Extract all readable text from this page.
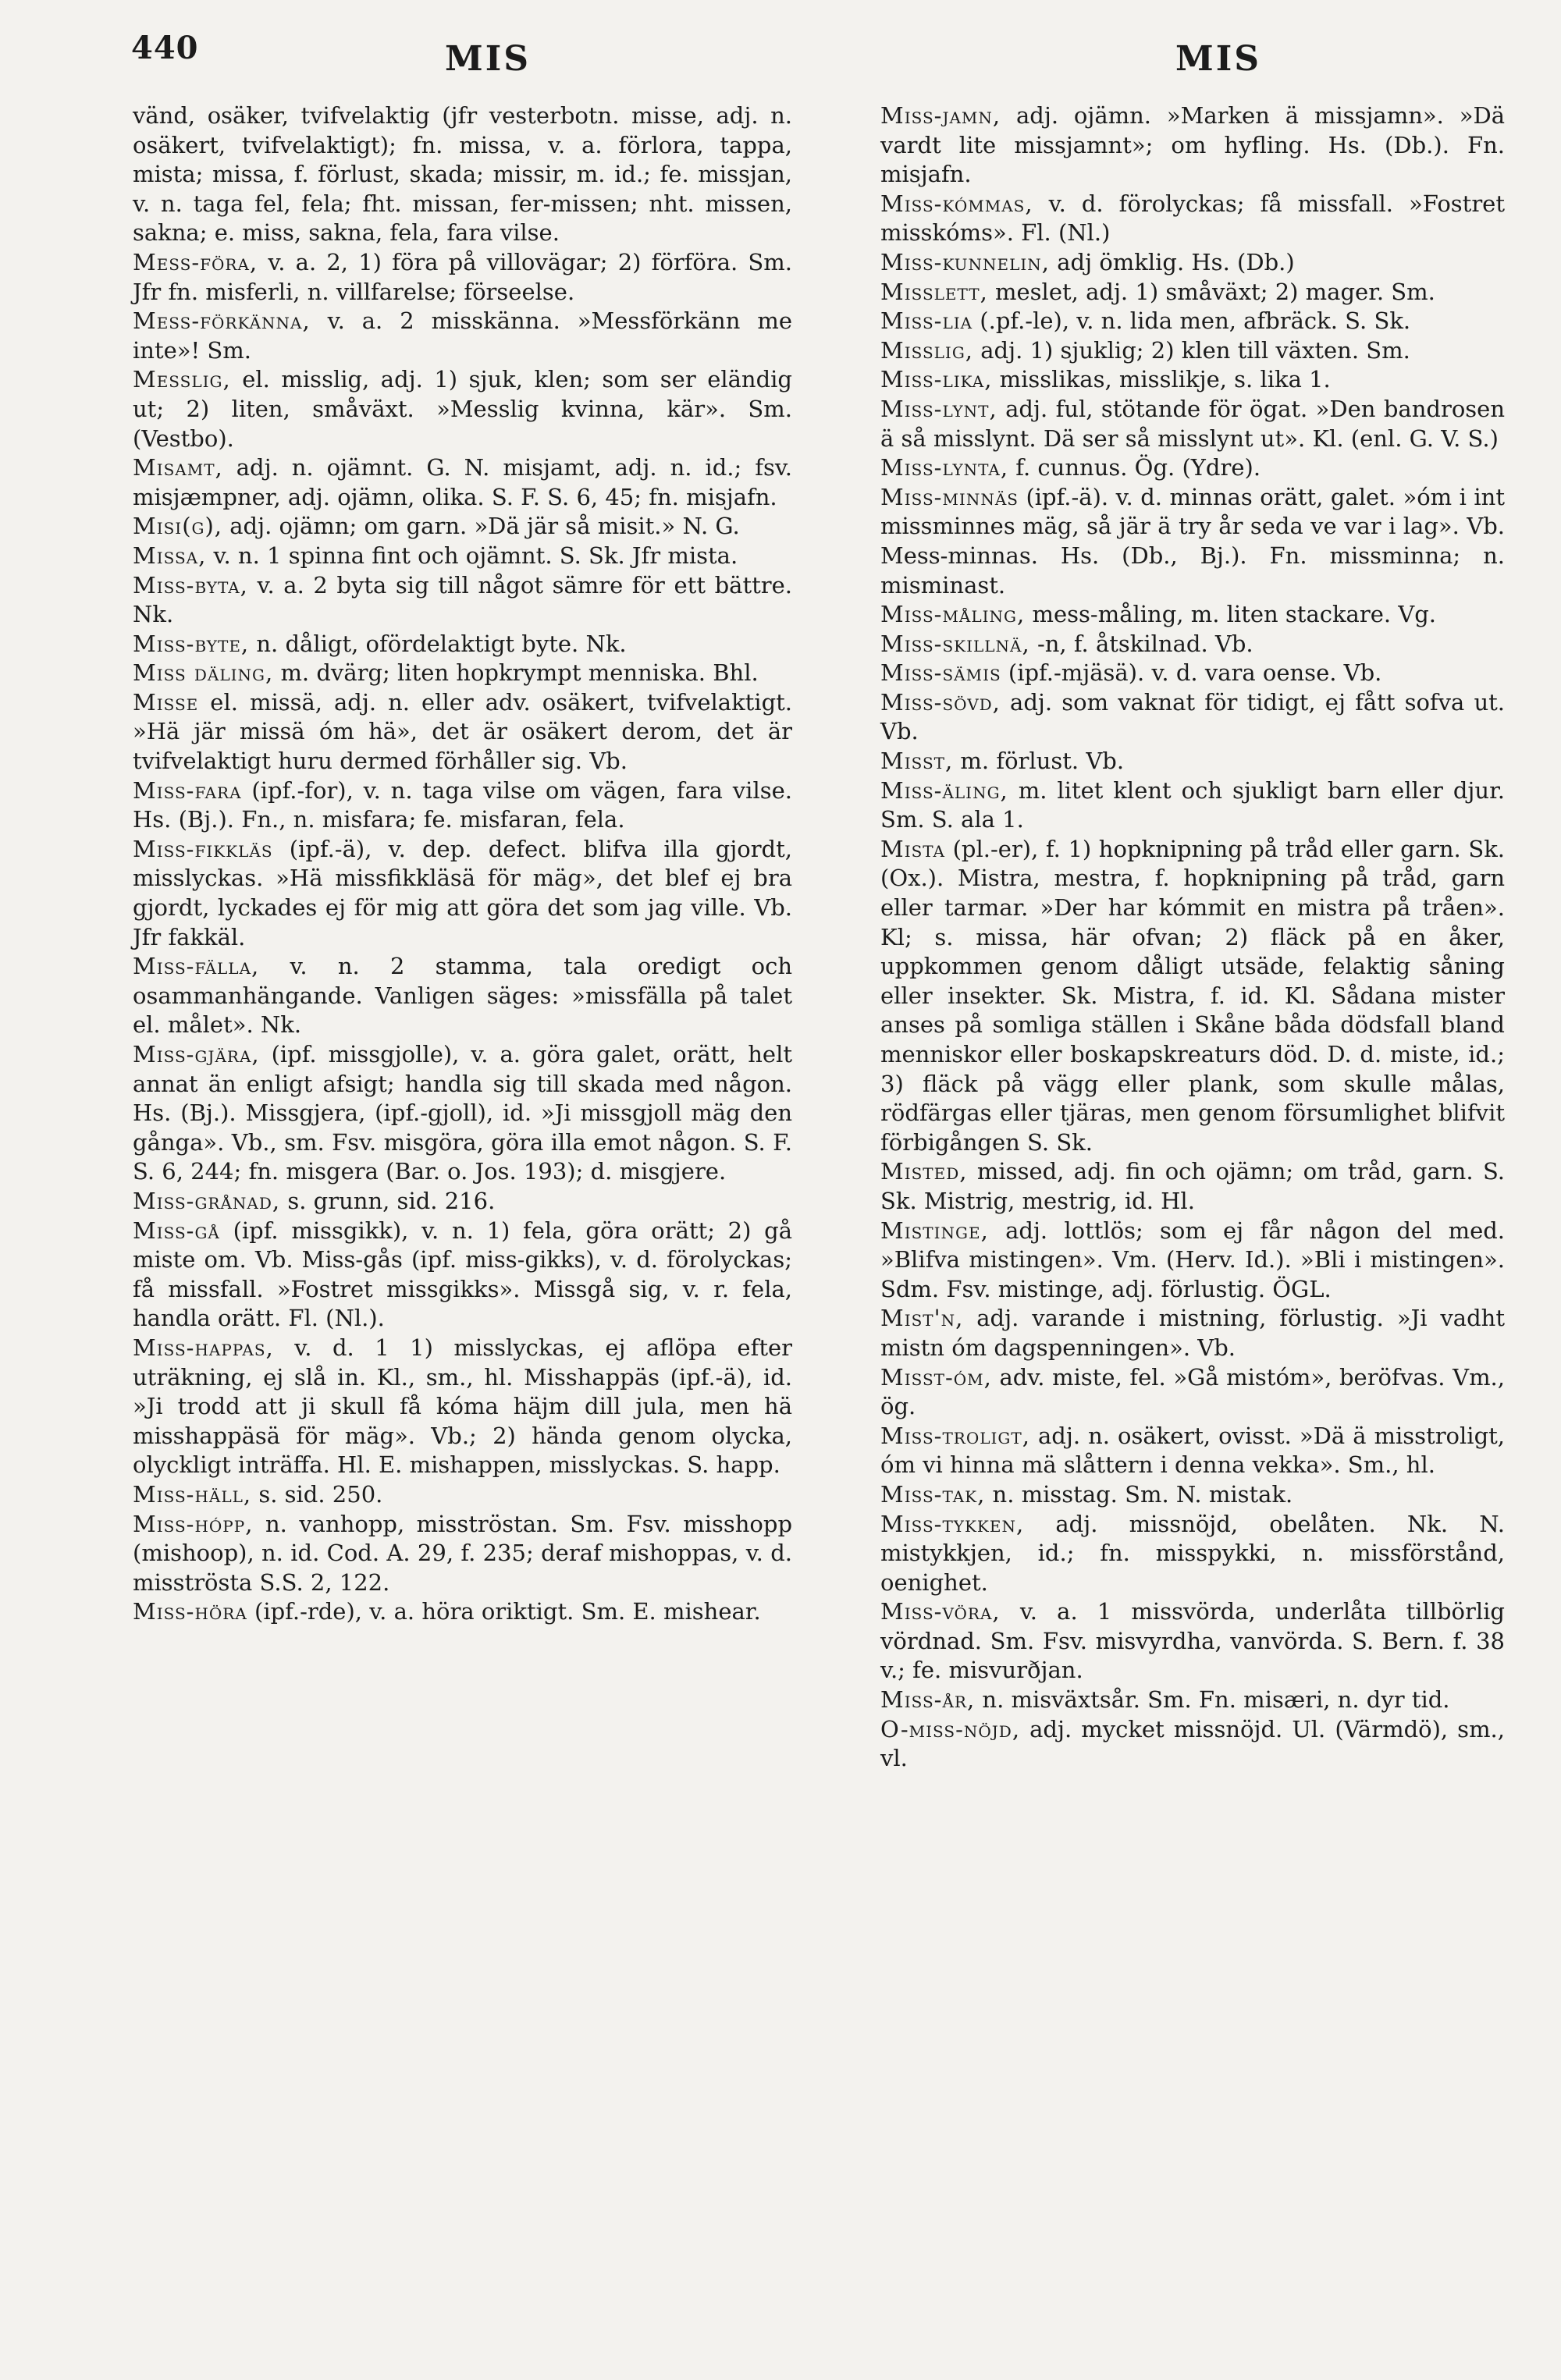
440	MIS	MIS

vänd, osäker, tvifvelaktig (jfr vesterbotn. misse, adj. n. osäkert, tvifvelaktigt); fn. missa, v. a. förlora, tappa, mista; missa, f. förlust, skada; missir, m. id.; fe. missjan, v. n. taga fel, fela; fht. missan, fer-missen; nht. missen, sakna; e. miss, sakna, fela, fara vilse.

Mess-föra, v. a. 2, 1) föra på villovägar; 2) förföra. Sm. Jfr fn. misferli, n. villfarelse; förseelse.

Mess-förkänna, v. a. 2 misskänna. »Messförkänn me inte»! Sm.

Messlig, el. misslig, adj. 1) sjuk, klen; som ser eländig ut; 2) liten, småväxt. »Messlig kvinna, kär». Sm. (Vestbo).

Misamt, adj. n. ojämnt. G. N. misjamt, adj. n. id.; fsv. misjæmpner, adj. ojämn, olika. S. F. S. 6, 45; fn. misjafn.

Misi(g), adj. ojämn; om garn. »Dä jär så misit.» N. G.

Missa, v. n. 1 spinna fint och ojämnt. S. Sk. Jfr mista.

Miss-byta, v. a. 2 byta sig till något sämre för ett bättre. Nk.

Miss-byte, n. dåligt, ofördelaktigt byte. Nk.

Miss däling, m. dvärg; liten hopkrympt menniska. Bhl.

Misse el. missä, adj. n. eller adv. osäkert, tvifvelaktigt. »Hä jär missä óm hä», det är osäkert derom, det är tvifvelaktigt huru dermed förhåller sig. Vb.

Miss-fara (ipf.-for), v. n. taga vilse om vägen, fara vilse. Hs. (Bj.). Fn., n. misfara; fe. misfaran, fela.

Miss-fikkläs (ipf.-ä), v. dep. defect. blifva illa gjordt, misslyckas. »Hä missfikkläsä för mäg», det blef ej bra gjordt, lyckades ej för mig att göra det som jag ville. Vb. Jfr fakkäl.

Miss-fälla, v. n. 2 stamma, tala oredigt och osammanhängande. Vanligen säges: »missfälla på talet el. målet». Nk.

Miss-gjära, (ipf. missgjolle), v. a. göra galet, orätt, helt annat än enligt afsigt; handla sig till skada med någon. Hs. (Bj.). Missgjera, (ipf.-gjoll), id. »Ji missgjoll mäg den gånga». Vb., sm. Fsv. misgöra, göra illa emot någon. S. F. S. 6, 244; fn. misgera (Bar. o. Jos. 193); d. misgjere.

Miss-grånad, s. grunn, sid. 216.

Miss-gå (ipf. missgikk), v. n. 1) fela, göra orätt; 2) gå miste om. Vb. Miss-gås (ipf. miss-gikks), v. d. förolyckas; få missfall. »Fostret missgikks». Missgå sig, v. r. fela, handla orätt. Fl. (Nl.).

Miss-happas, v. d. 1 1) misslyckas, ej aflöpa efter uträkning, ej slå in. Kl., sm., hl. Misshappäs (ipf.-ä), id. »Ji trodd att ji skull få kóma häjm dill jula, men hä misshappäsä för mäg». Vb.; 2) hända genom olycka, olyckligt inträffa. Hl. E. mishappen, misslyckas. S. happ.

Miss-häll, s. sid. 250.

Miss-hópp, n. vanhopp, misströstan. Sm. Fsv. misshopp (mishoop), n. id. Cod. A. 29, f. 235; deraf mishoppas, v. d. misströsta S.S. 2, 122.

Miss-höra (ipf.-rde), v. a. höra oriktigt. Sm. E. mishear.

Miss-jamn, adj. ojämn. »Marken ä missjamn». »Dä vardt lite missjamnt»; om hyfling. Hs. (Db.). Fn. misjafn.

Miss-kómmas, v. d. förolyckas; få missfall. »Fostret misskóms». Fl. (Nl.)

Miss-kunnelin, adj ömklig. Hs. (Db.)

Misslett, meslet, adj. 1) småväxt; 2) mager. Sm.

Miss-lia (.pf.-le), v. n. lida men, afbräck. S. Sk.

Misslig, adj. 1) sjuklig; 2) klen till växten. Sm.

Miss-lika, misslikas, misslikje, s. lika 1.

Miss-lynt, adj. ful, stötande för ögat. »Den bandrosen ä så misslynt. Dä ser så misslynt ut». Kl. (enl. G. V. S.)

Miss-lynta, f. cunnus. Ög. (Ydre).

Miss-minnäs (ipf.-ä). v. d. minnas orätt, galet. »óm i int missminnes mäg, så jär ä try år seda ve var i lag». Vb. Mess-minnas. Hs. (Db., Bj.). Fn. missminna; n. misminast.

Miss-måling, mess-måling, m. liten stackare. Vg.

Miss-skillnä, -n, f. åtskilnad. Vb.

Miss-sämis (ipf.-mjäsä). v. d. vara oense. Vb.

Miss-sövd, adj. som vaknat för tidigt, ej fått sofva ut. Vb.

Misst, m. förlust. Vb.

Miss-äling, m. litet klent och sjukligt barn eller djur. Sm. S. ala 1.

Mista (pl.-er), f. 1) hopknipning på tråd eller garn. Sk. (Ox.). Mistra, mestra, f. hopknipning på tråd, garn eller tarmar. »Der har kómmit en mistra på tråen». Kl; s. missa, här ofvan; 2) fläck på en åker, uppkommen genom dåligt utsäde, felaktig såning eller insekter. Sk. Mistra, f. id. Kl. Sådana mister anses på somliga ställen i Skåne båda dödsfall bland menniskor eller boskapskreaturs död. D. d. miste, id.; 3) fläck på vägg eller plank, som skulle målas, rödfärgas eller tjäras, men genom försumlighet blifvit förbigången S. Sk.

Misted, missed, adj. fin och ojämn; om tråd, garn. S. Sk. Mistrig, mestrig, id. Hl.

Mistinge, adj. lottlös; som ej får någon del med. »Blifva mistingen». Vm. (Herv. Id.). »Bli i mistingen». Sdm. Fsv. mistinge, adj. förlustig. ÖGL.

Mist'n, adj. varande i mistning, förlustig. »Ji vadht mistn óm dagspenningen». Vb.

Misst-óm, adv. miste, fel. »Gå mistóm», beröfvas. Vm., ög.

Miss-troligt, adj. n. osäkert, ovisst. »Dä ä misstroligt, óm vi hinna mä slåttern i denna vekka». Sm., hl.

Miss-tak, n. misstag. Sm. N. mistak.

Miss-tykken, adj. missnöjd, obelåten. Nk. N. mistykkjen, id.; fn. misspykki, n. missförstånd, oenighet.

Miss-vöra, v. a. 1 missvörda, underlåta tillbörlig vördnad. Sm. Fsv. misvyrdha, vanvörda. S. Bern. f. 38 v.; fe. misvurðjan.

Miss-år, n. misväxtsår. Sm. Fn. misæri, n. dyr tid.

O-miss-nöjd, adj. mycket missnöjd. Ul. (Värmdö), sm., vl.
